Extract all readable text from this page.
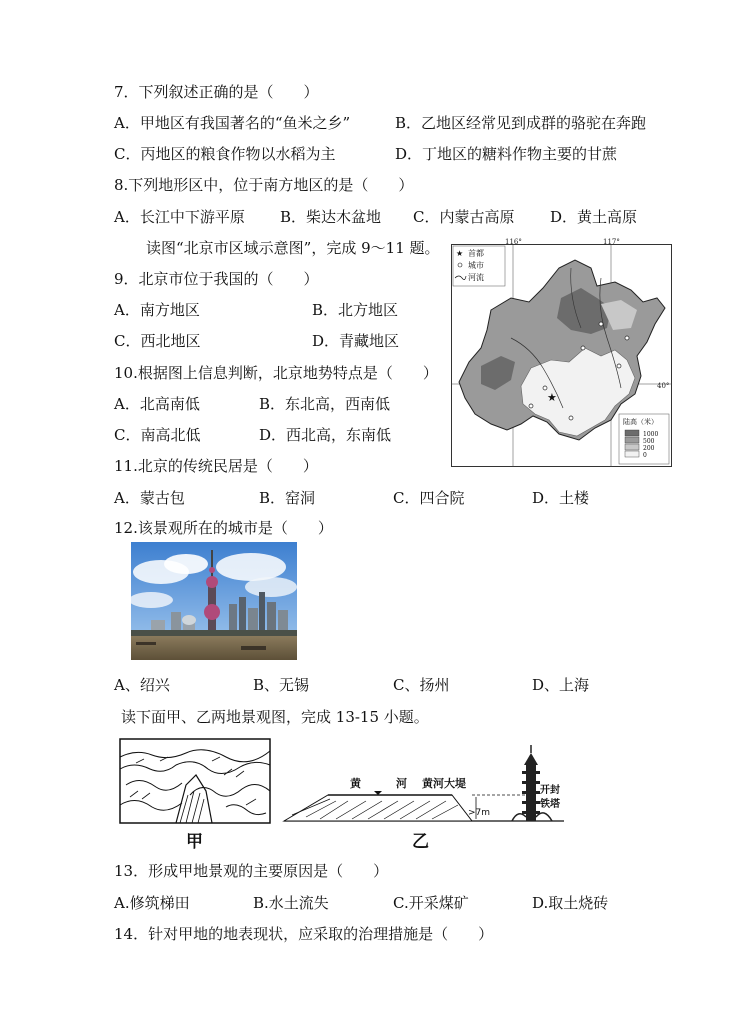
7．下列叙述正确的是（　　）
A．甲地区有我国著名的“鱼米之乡”	B．乙地区经常见到成群的骆驼在奔跑
C．丙地区的粮食作物以水稻为主	D．丁地区的糖料作物主要的甘蔗
8.下列地形区中，位于南方地区的是（　　）
A．长江中下游平原 B．柴达木盆地 C．内蒙古高原 D．黄土高原
读图“北京市区域示意图”，完成 9～11 题。
9．北京市位于我国的（　　）
A．南方地区	B．北方地区
C．西北地区	D．青藏地区
10.根据图上信息判断，北京地势特点是（　　）
A．北高南低	B．东北高，西南低
C．南高北低	D．西北高，东南低
11.北京的传统民居是（　　）
A．蒙古包	B．窑洞	C．四合院	D．土楼
12.该景观所在的城市是（　　）
A、绍兴	B、无锡	C、扬州	D、上海
读下面甲、乙两地景观图，完成 13-15 小题。
甲
黄	河 黄河大堤
>7m
开封
铁塔
乙
13．形成甲地景观的主要原因是（　　）
A.修筑梯田	B.水土流失	C.开采煤矿	D.取土烧砖
14．针对甲地的地表现状，应采取的治理措施是（　　）
116°	117°
40°
★
★ 首都
城市
河流
陆高（米）
1000
500
200
0
